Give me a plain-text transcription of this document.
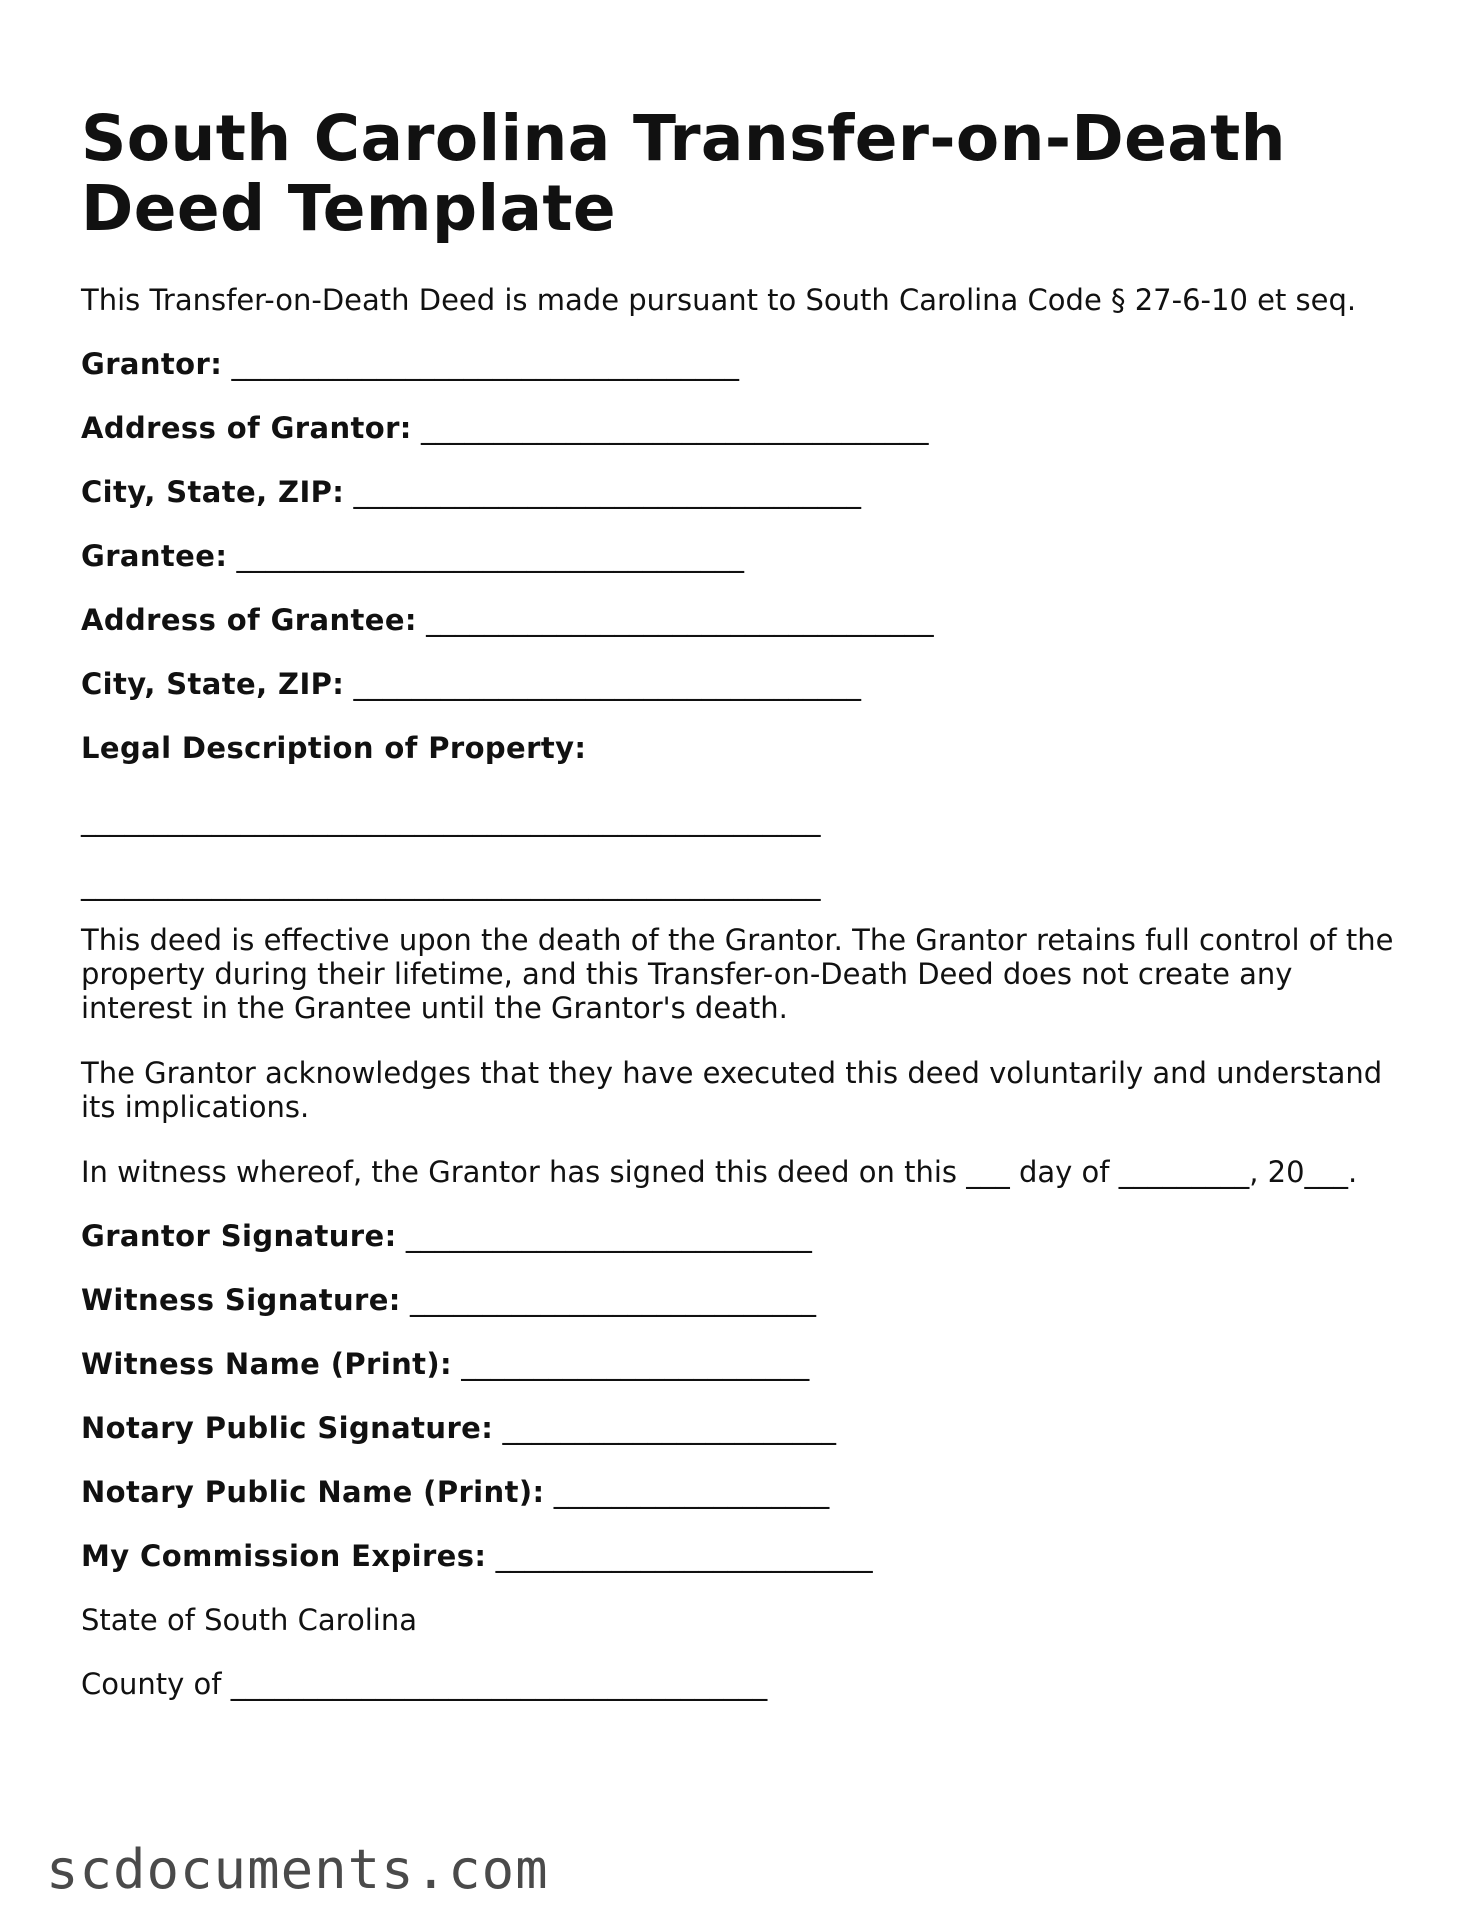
South Carolina Transfer-on-Death Deed Template
This Transfer-on-Death Deed is made pursuant to South Carolina Code § 27-6-10 et seq.
Grantor: ___________________________________
Address of Grantor: ___________________________________
City, State, ZIP: ___________________________________
Grantee: ___________________________________
Address of Grantee: ___________________________________
City, State, ZIP: ___________________________________
Legal Description of Property:
___________________________________________________
___________________________________________________
This deed is effective upon the death of the Grantor. The Grantor retains full control of the property during their lifetime, and this Transfer-on-Death Deed does not create any interest in the Grantee until the Grantor's death.
The Grantor acknowledges that they have executed this deed voluntarily and understand its implications.
In witness whereof, the Grantor has signed this deed on this ___ day of _________, 20___.
Grantor Signature: ____________________________
Witness Signature: ____________________________
Witness Name (Print): ________________________
Notary Public Signature: _______________________
Notary Public Name (Print): ___________________
My Commission Expires: __________________________
State of South Carolina
County of _____________________________________
scdocuments.com
